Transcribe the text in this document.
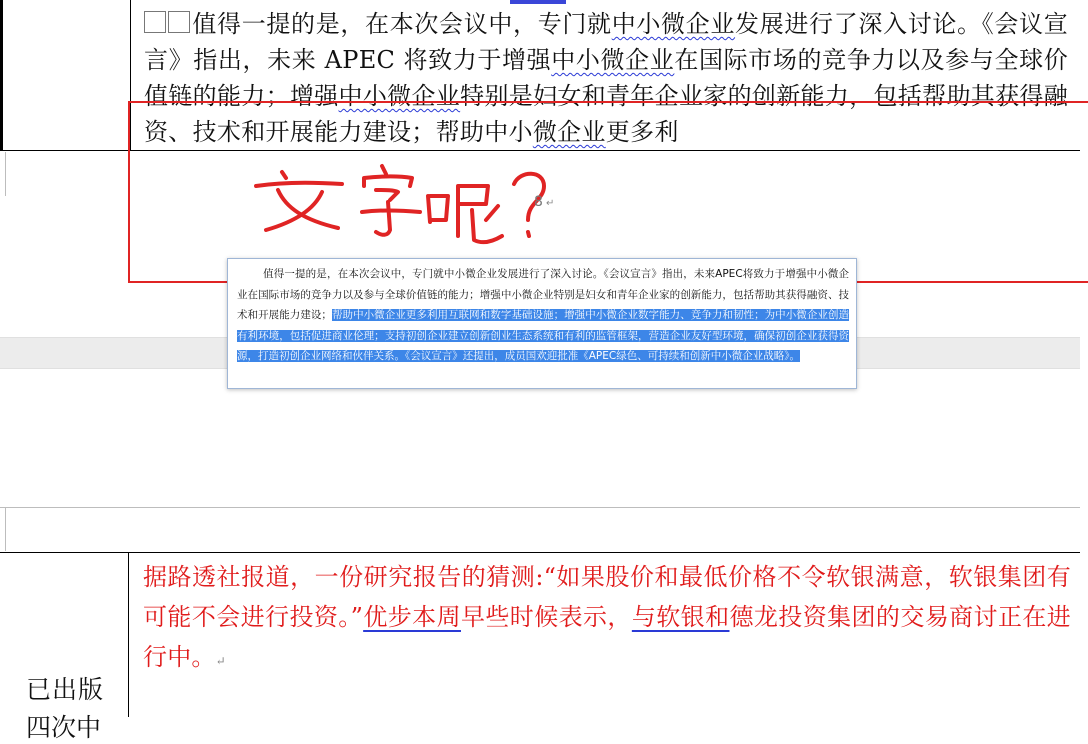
值得一提的是，在本次会议中，专门就中小微企业发展进行了深入讨论。《会议宣言》指出，未来 APEC 将致力于增强中小微企业在国际市场的竞争力以及参与全球价值链的能力；增强中小微企业特别是妇女和青年企业家的创新能力，包括帮助其获得融资、技术和开展能力建设；帮助中小微企业更多利

8 ↵

值得一提的是，在本次会议中，专门就中小微企业发展进行了深入讨论。《会议宣言》指出，未来APEC将致力于增强中小微企业在国际市场的竞争力以及参与全球价值链的能力；增强中小微企业特别是妇女和青年企业家的创新能力，包括帮助其获得融资、技术和开展能力建设；帮助中小微企业更多利用互联网和数字基础设施；增强中小微企业数字能力、竞争力和韧性；为中小微企业创造有利环境，包括促进商业伦理；支持初创企业建立创新创业生态系统和有利的监管框架，营造企业友好型环境，确保初创企业获得资源，打造初创企业网络和伙伴关系。《会议宣言》还提出，成员国欢迎批准《APEC绿色、可持续和创新中小微企业战略》。

据路透社报道，一份研究报告的猜测:“如果股价和最低价格不令软银满意，软银集团有可能不会进行投资。”优步本周早些时候表示，与软银和德龙投资集团的交易商讨正在进行中。↵

已出版

四次中
